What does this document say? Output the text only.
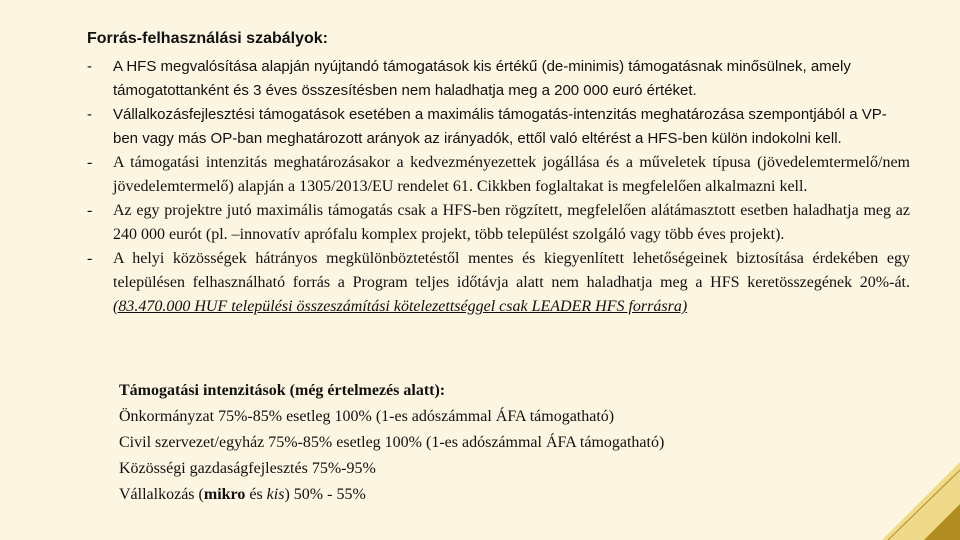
Forrás-felhasználási szabályok:
- A HFS megvalósítása alapján nyújtandó támogatások kis értékű (de-minimis) támogatásnak minősülnek, amely támogatottanként és 3 éves összesítésben nem haladhatja meg a 200 000 euró értéket.
- Vállalkozásfejlesztési támogatások esetében a maximális támogatás-intenzitás meghatározása szempontjából a VP-ben vagy más OP-ban meghatározott arányok az irányadók, ettől való eltérést a HFS-ben külön indokolni kell.
- A támogatási intenzitás meghatározásakor a kedvezményezettek jogállása és a műveletek típusa (jövedelemtermelő/nem jövedelemtermelő) alapján a 1305/2013/EU rendelet 61. Cikkben foglaltakat is megfelelően alkalmazni kell.
- Az egy projektre jutó maximális támogatás csak a HFS-ben rögzített, megfelelően alátámasztott esetben haladhatja meg az 240 000 eurót (pl. –innovatív aprófalu komplex projekt, több települést szolgáló vagy több éves projekt).
- A helyi közösségek hátrányos megkülönböztetéstől mentes és kiegyenlített lehetőségeinek biztosítása érdekében egy településen felhasználható forrás a Program teljes időtávja alatt nem haladhatja meg a HFS keretösszegének 20%-át. (83.470.000 HUF települési összeszámítási kötelezettséggel csak LEADER HFS forrásra)

Támogatási intenzitások (még értelmezés alatt):

Önkormányzat 75%-85% esetleg 100% (1-es adószámmal ÁFA támogatható)

Civil szervezet/egyház 75%-85% esetleg 100% (1-es adószámmal ÁFA támogatható)

Közösségi gazdaságfejlesztés 75%-95%

Vállalkozás (mikro és kis) 50% - 55%
